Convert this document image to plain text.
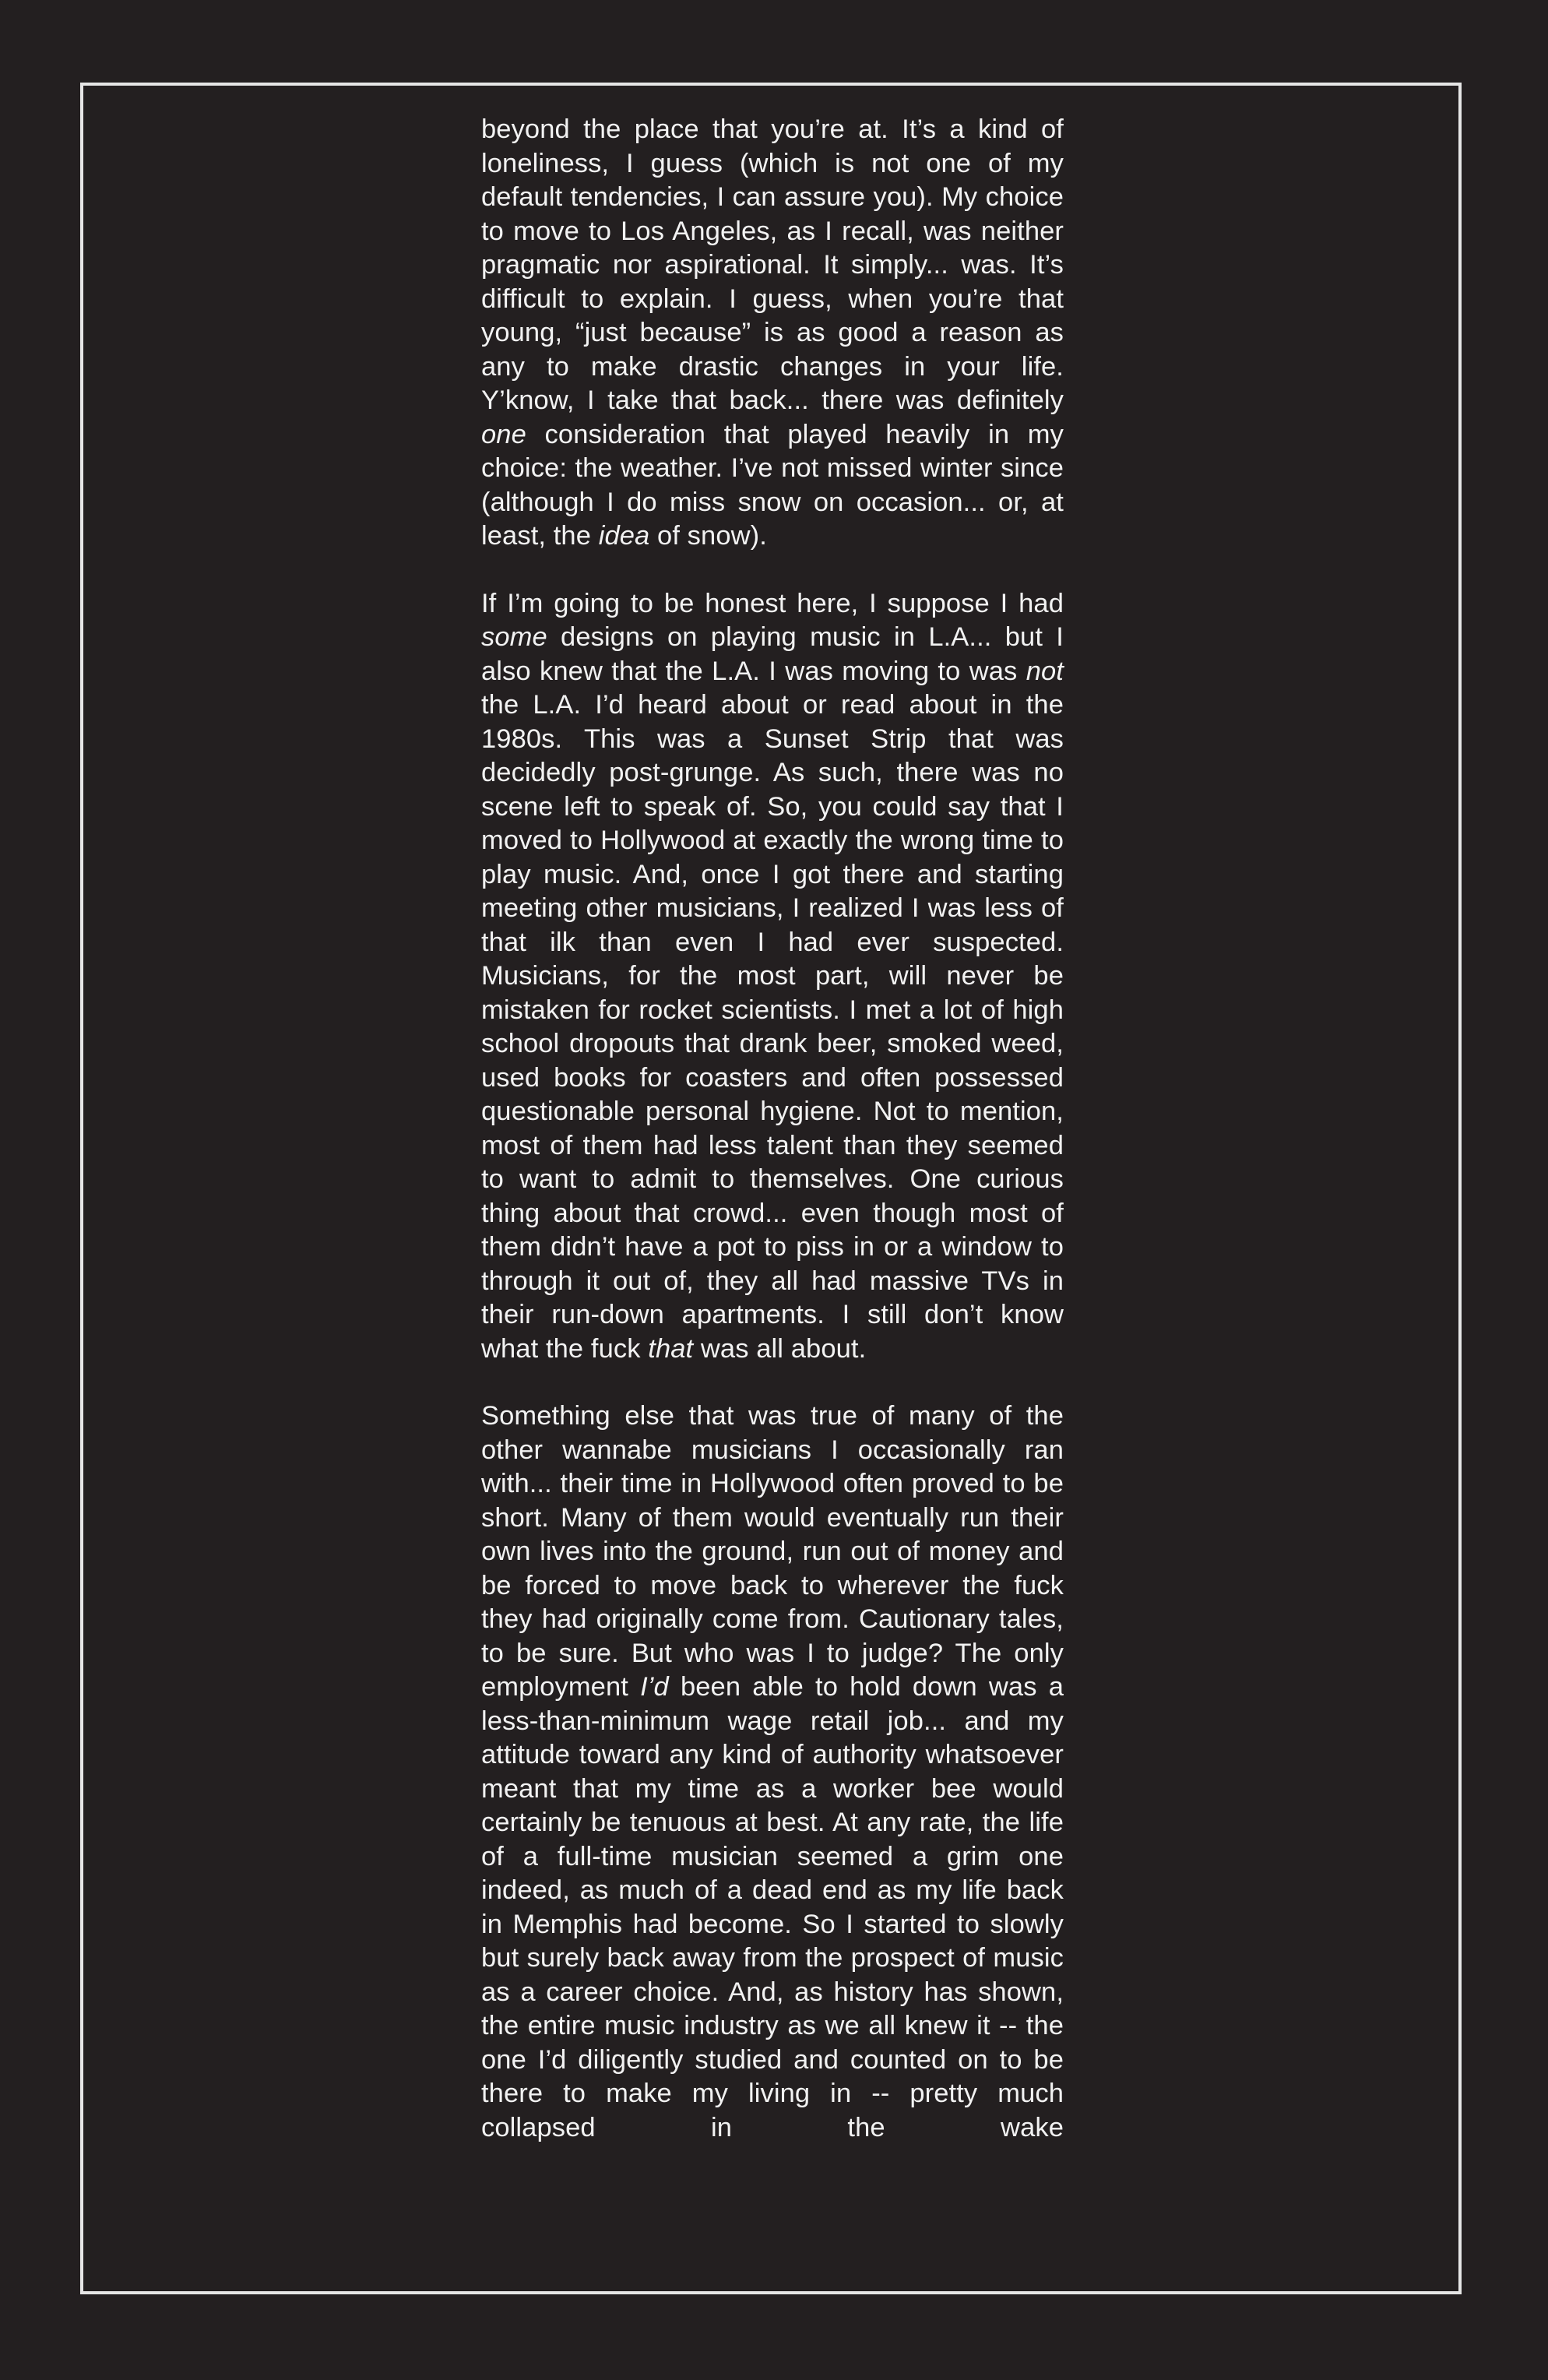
beyond the place that you’re at. It’s a kind of loneliness, I guess (which is not one of my default tendencies, I can assure you). My choice to move to Los Angeles, as I recall, was neither pragmatic nor aspirational. It simply... was. It’s difficult to explain. I guess, when you’re that young, “just because” is as good a reason as any to make drastic changes in your life. Y’know, I take that back... there was definitely one consideration that played heavily in my choice: the weather. I’ve not missed winter since (although I do miss snow on occasion... or, at least, the idea of snow).

If I’m going to be honest here, I suppose I had some designs on playing music in L.A... but I also knew that the L.A. I was moving to was not the L.A. I’d heard about or read about in the 1980s. This was a Sunset Strip that was decidedly post-grunge. As such, there was no scene left to speak of. So, you could say that I moved to Hollywood at exactly the wrong time to play music. And, once I got there and starting meeting other musicians, I realized I was less of that ilk than even I had ever suspected. Musicians, for the most part, will never be mistaken for rocket scientists. I met a lot of high school dropouts that drank beer, smoked weed, used books for coasters and often possessed questionable personal hygiene. Not to mention, most of them had less talent than they seemed to want to admit to themselves. One curious thing about that crowd... even though most of them didn’t have a pot to piss in or a window to through it out of, they all had massive TVs in their run-down apartments. I still don’t know what the fuck that was all about.

Something else that was true of many of the other wannabe musicians I occasionally ran with... their time in Hollywood often proved to be short. Many of them would eventually run their own lives into the ground, run out of money and be forced to move back to wherever the fuck they had originally come from. Cautionary tales, to be sure. But who was I to judge? The only employment I’d been able to hold down was a less-than-minimum wage retail job... and my attitude toward any kind of authority whatsoever meant that my time as a worker bee would certainly be tenuous at best. At any rate, the life of a full-time musician seemed a grim one indeed, as much of a dead end as my life back in Memphis had become. So I started to slowly but surely back away from the prospect of music as a career choice. And, as history has shown, the entire music industry as we all knew it -- the one I’d diligently studied and counted on to be there to make my living in -- pretty much collapsed in the wake
